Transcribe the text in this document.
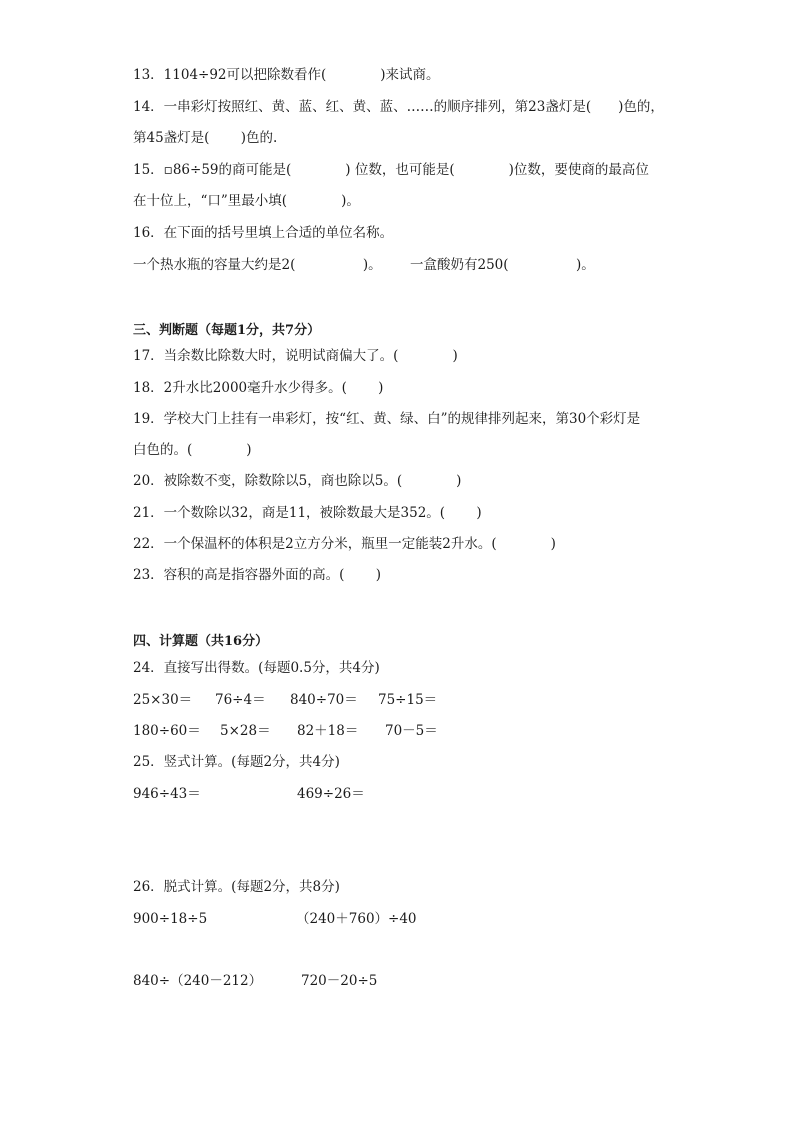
13．1104÷92可以把除数看作(　　　　)来试商。
14．一串彩灯按照红、黄、蓝、红、黄、蓝、……的顺序排列，第23盏灯是(　　)色的，
第45盏灯是(　　 )色的.
15．▫86÷59的商可能是(　　　　) 位数，也可能是(　　　　)位数，要使商的最高位
在十位上，“口”里最小填(　　　　)。
16．在下面的括号里填上合适的单位名称。
一个热水瓶的容量大约是2(　　　　　)。 一盒酸奶有250(　　　　　)。
三、判断题（每题1分，共7分）
17．当余数比除数大时，说明试商偏大了。(　　　　)
18．2升水比2000毫升水少得多。(　　 )
19．学校大门上挂有一串彩灯，按“红、黄、绿、白”的规律排列起来，第30个彩灯是
白色的。(　　　　)
20．被除数不变，除数除以5，商也除以5。(　　　　)
21．一个数除以32，商是11，被除数最大是352。(　　 )
22．一个保温杯的体积是2立方分米，瓶里一定能装2升水。(　　　　)
23．容积的高是指容器外面的高。(　　 )
四、计算题（共16分）
24．直接写出得数。(每题0.5分，共4分)
25×30＝ 76÷4＝ 840÷70＝ 75÷15＝
180÷60＝ 5×28＝ 82＋18＝ 70－5＝
25．竖式计算。(每题2分，共4分)
946÷43＝	469÷26＝
26．脱式计算。(每题2分，共8分)
900÷18÷5	（240＋760）÷40
840÷（240－212）	720－20÷5
